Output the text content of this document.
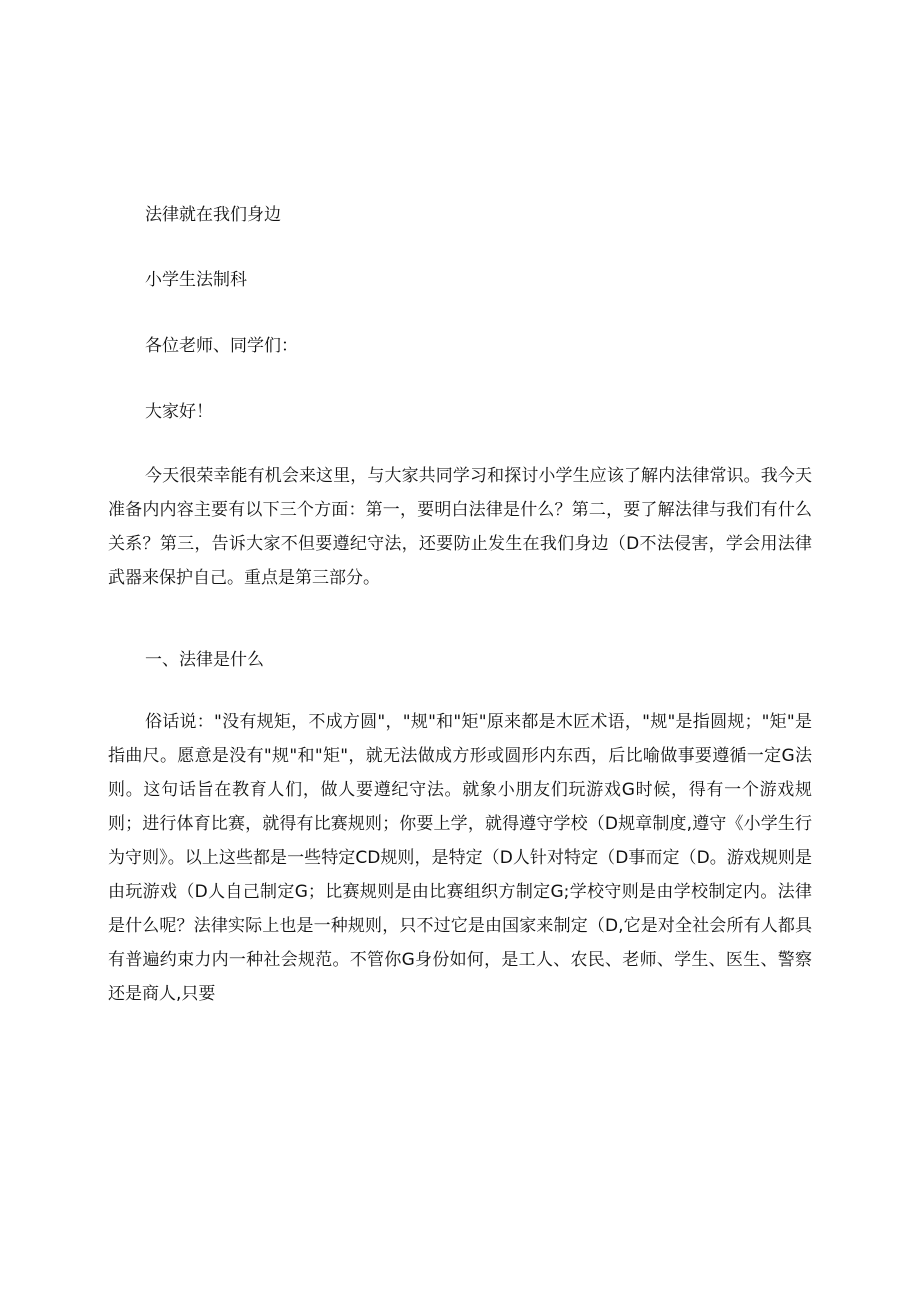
法律就在我们身边

小学生法制科

各位老师、同学们：

大家好！

今天很荣幸能有机会来这里，与大家共同学习和探讨小学生应该了解内法律常识。我今天准备内内容主要有以下三个方面：第一，要明白法律是什么？第二，要了解法律与我们有什么关系？第三，告诉大家不但要遵纪守法，还要防止发生在我们身边（D不法侵害，学会用法律武器来保护自己。重点是第三部分。

一、法律是什么

俗话说："没有规矩，不成方圆"，"规"和"矩"原来都是木匠术语，"规"是指圆规；"矩"是指曲尺。愿意是没有"规"和"矩"，就无法做成方形或圆形内东西，后比喻做事要遵循一定G法则。这句话旨在教育人们，做人要遵纪守法。就象小朋友们玩游戏G时候，得有一个游戏规则；进行体育比赛，就得有比赛规则；你要上学，就得遵守学校（D规章制度,遵守《小学生行为守则》。以上这些都是一些特定CD规则，是特定（D人针对特定（D事而定（D。游戏规则是由玩游戏（D人自己制定G；比赛规则是由比赛组织方制定G;学校守则是由学校制定内。法律是什么呢？法律实际上也是一种规则，只不过它是由国家来制定（D,它是对全社会所有人都具有普遍约束力内一种社会规范。不管你G身份如何，是工人、农民、老师、学生、医生、警察还是商人,只要
